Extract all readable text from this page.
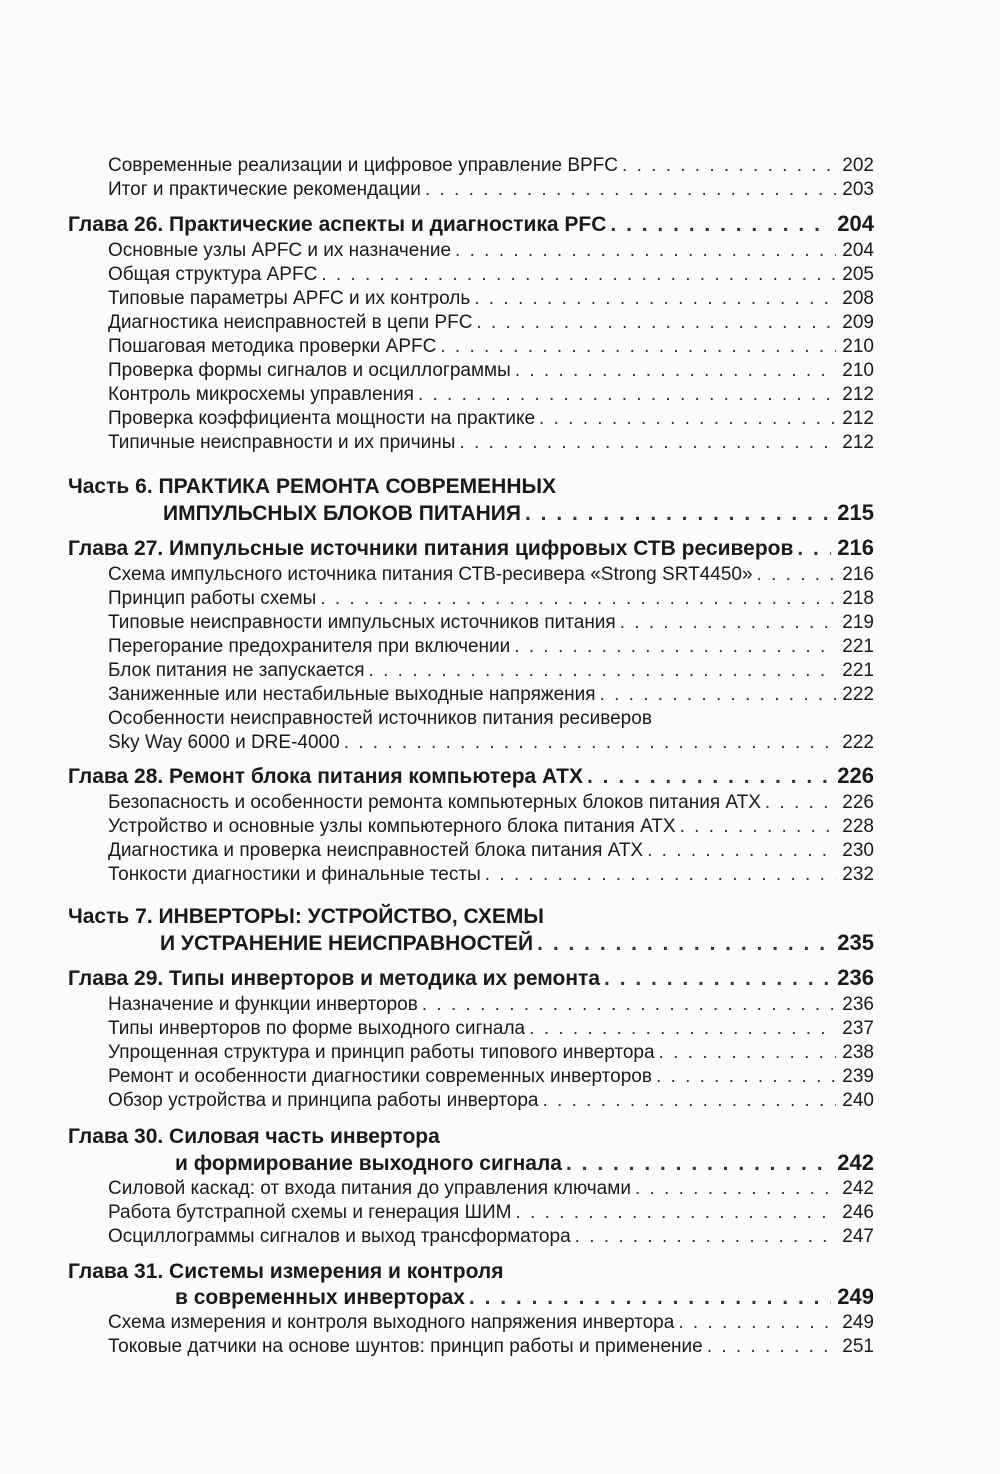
Современные реализации и цифровое управление BPFC . . .	202
Итог и практические рекомендации . . .	203
Глава 26. Практические аспекты и диагностика PFC . . .	204
Основные узлы APFC и их назначение . . .	204
Общая структура APFC . . .	205
Типовые параметры APFC и их контроль . . .	208
Диагностика неисправностей в цепи PFC . . .	209
Пошаговая методика проверки APFC . . .	210
Проверка формы сигналов и осциллограммы . . .	210
Контроль микросхемы управления . . .	212
Проверка коэффициента мощности на практике . . .	212
Типичные неисправности и их причины . . .	212
Часть 6. ПРАКТИКА РЕМОНТА СОВРЕМЕННЫХ
ИМПУЛЬСНЫХ БЛОКОВ ПИТАНИЯ . . .	215
Глава 27. Импульсные источники питания цифровых СТВ ресиверов . . . 216
Схема импульсного источника питания СТВ-ресивера «Strong SRT4450» . . .	216
Принцип работы схемы . . .	218
Типовые неисправности импульсных источников питания . . .	219
Перегорание предохранителя при включении . . .	221
Блок питания не запускается . . .	221
Заниженные или нестабильные выходные напряжения . . .	222
Особенности неисправностей источников питания ресиверов
Sky Way 6000 и DRE-4000 . . .	222
Глава 28. Ремонт блока питания компьютера АТХ . . .	226
Безопасность и особенности ремонта компьютерных блоков питания АТХ . . .	226
Устройство и основные узлы компьютерного блока питания АТХ . . .	228
Диагностика и проверка неисправностей блока питания АТХ . . .	230
Тонкости диагностики и финальные тесты . . .	232
Часть 7. ИНВЕРТОРЫ: УСТРОЙСТВО, СХЕМЫ
И УСТРАНЕНИЕ НЕИСПРАВНОСТЕЙ . . .	235
Глава 29. Типы инверторов и методика их ремонта . . .	236
Назначение и функции инверторов . . .	236
Типы инверторов по форме выходного сигнала . . .	237
Упрощенная структура и принцип работы типового инвертора . . .	238
Ремонт и особенности диагностики современных инверторов . . .	239
Обзор устройства и принципа работы инвертора . . .	240
Глава 30. Силовая часть инвертора
и формирование выходного сигнала . . .	242
Силовой каскад: от входа питания до управления ключами . . .	242
Работа бутстрапной схемы и генерация ШИМ . . .	246
Осциллограммы сигналов и выход трансформатора . . .	247
Глава 31. Системы измерения и контроля
в современных инверторах . . .	249
Схема измерения и контроля выходного напряжения инвертора . . .	249
Токовые датчики на основе шунтов: принцип работы и применение . . .	251
